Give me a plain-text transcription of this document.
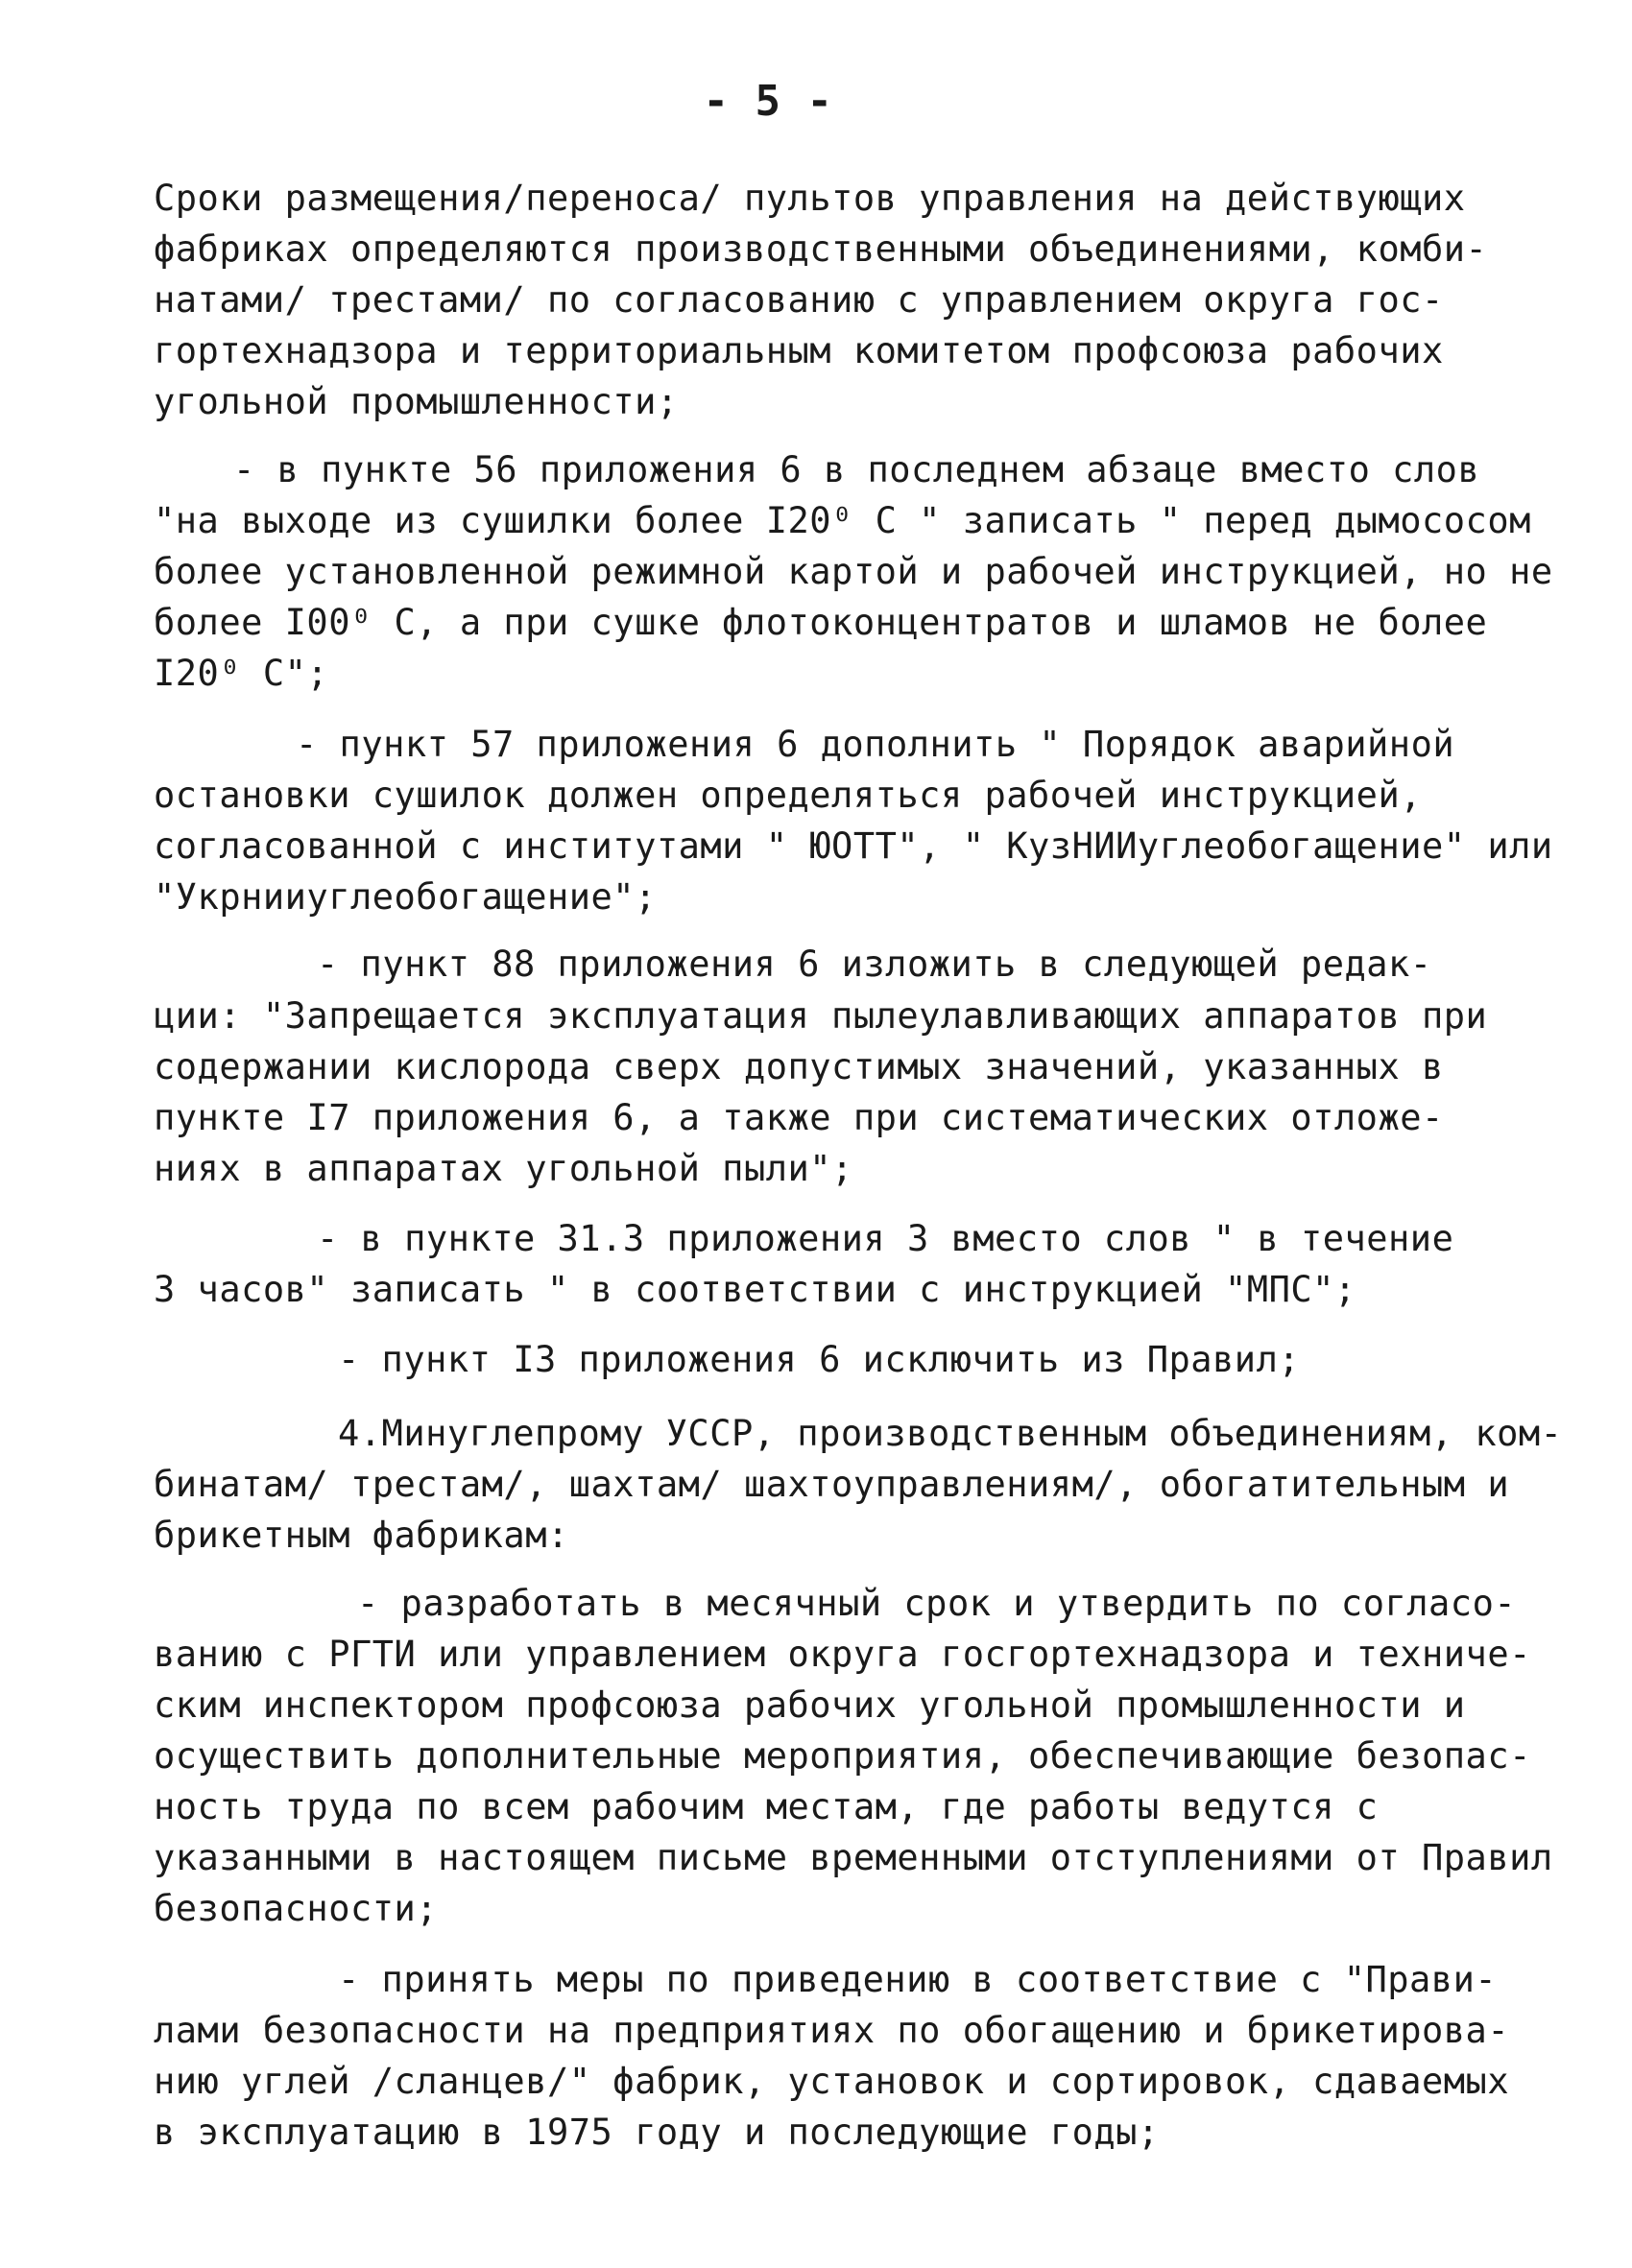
- 5 -
Сроки размещения/переноса/ пультов управления на действующих
фабриках определяются производственными объединениями, комби-
натами/ трестами/ по согласованию с управлением округа гос-
гортехнадзора и территориальным комитетом профсоюза рабочих
угольной промышленности;
- в пункте 56 приложения 6 в последнем абзаце вместо слов
"на выходе из сушилки более I20⁰ С " записать " перед дымососом
более установленной режимной картой и рабочей инструкцией, но не
более I00⁰ С, а при сушке флотоконцентратов и шламов не более
I20⁰ С";
- пункт 57 приложения 6 дополнить " Порядок аварийной
остановки сушилок должен определяться рабочей инструкцией,
согласованной с институтами " ЮОТТ", " КузНИИуглеобогащение" или
"Укрнииуглеобогащение";
- пункт 88 приложения 6 изложить в следующей редак-
ции: "Запрещается эксплуатация пылеулавливающих аппаратов при
содержании кислорода сверх допустимых значений, указанных в
пункте I7 приложения 6, а также при систематических отложе-
ниях в аппаратах угольной пыли";
- в пункте 31.3 приложения 3 вместо слов " в течение
3 часов" записать " в соответствии с инструкцией "МПС";
- пункт I3 приложения 6 исключить из Правил;
4.Минуглепрому УССР, производственным объединениям, ком-
бинатам/ трестам/, шахтам/ шахтоуправлениям/, обогатительным и
брикетным фабрикам:
- разработать в месячный срок и утвердить по согласо-
ванию с РГТИ или управлением округа госгортехнадзора и техниче-
ским инспектором профсоюза рабочих угольной промышленности и
осуществить дополнительные мероприятия, обеспечивающие безопас-
ность труда по всем рабочим местам, где работы ведутся с
указанными в настоящем письме временными отступлениями от Правил
безопасности;
- принять меры по приведению в соответствие с "Прави-
лами безопасности на предприятиях по обогащению и брикетирова-
нию углей /сланцев/" фабрик, установок и сортировок, сдаваемых
в эксплуатацию в 1975 году и последующие годы;
